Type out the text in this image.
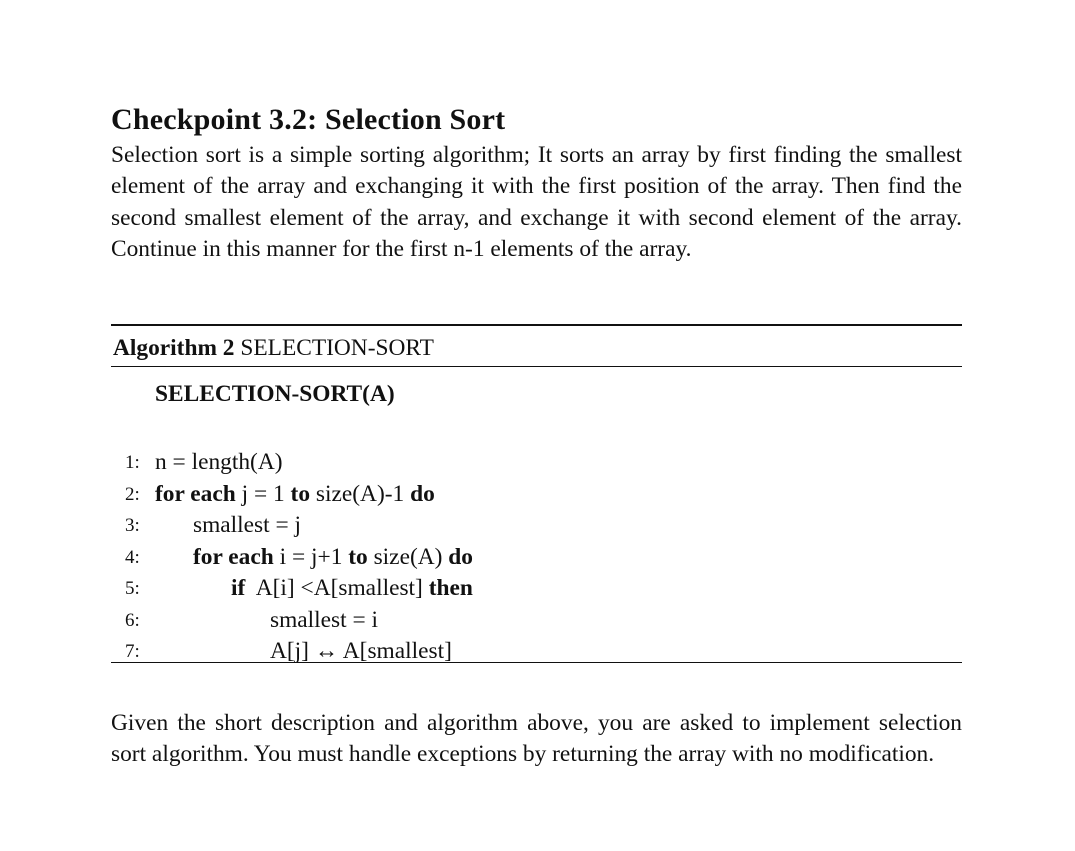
Checkpoint 3.2: Selection Sort

Selection sort is a simple sorting algorithm; It sorts an array by first finding the smallest element of the array and exchanging it with the first position of the array. Then find the second smallest element of the array, and exchange it with second element of the array. Continue in this manner for the first n-1 elements of the array.

Algorithm 2 SELECTION-SORT
SELECTION-SORT(A)
1: n = length(A)
2: for each j = 1 to size(A)-1 do
3:	smallest = j
4:	for each i = j+1 to size(A) do
5:	if  A[i] <A[smallest] then
6:	smallest = i
7:	A[j] ↔ A[smallest]

Given the short description and algorithm above, you are asked to implement selection sort algorithm. You must handle exceptions by returning the array with no modification.
